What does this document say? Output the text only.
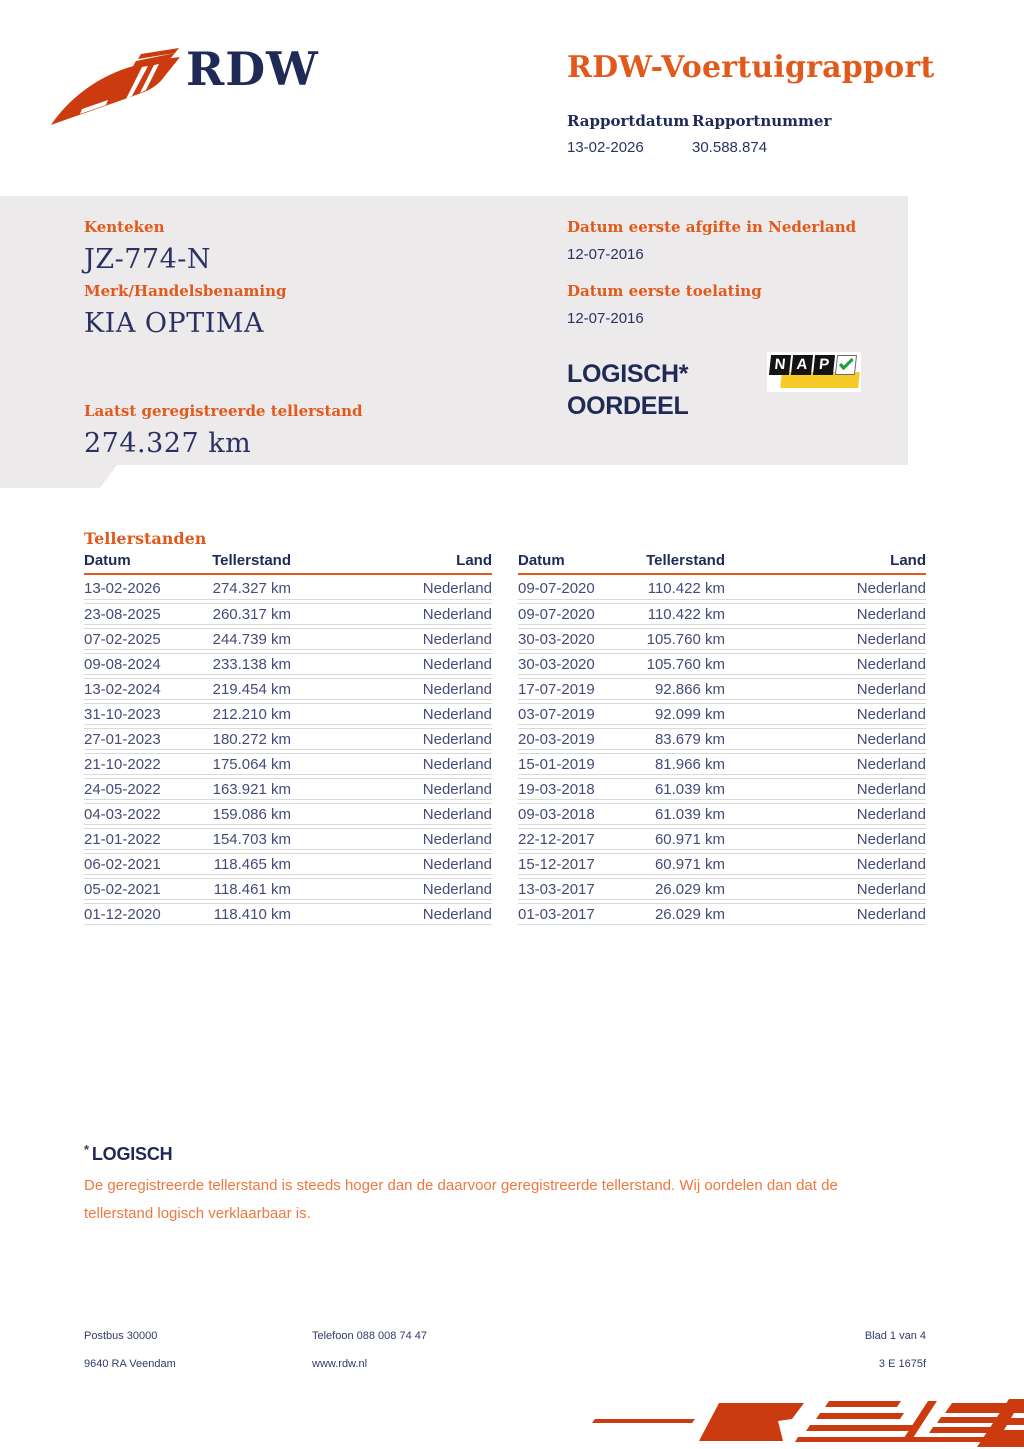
RDW	RDW-Voertuigrapport
Rapportdatum
13-02-2026
Rapportnummer
30.588.874
Kenteken
JZ-774-N
Merk/Handelsbenaming
KIA OPTIMA
Laatst geregistreerde tellerstand
274.327 km
Datum eerste afgifte in Nederland
12-07-2016
Datum eerste toelating
12-07-2016
LOGISCH*
OORDEEL
N A P
Tellerstanden
Datum	Tellerstand	Land
13-02-2026	274.327 km	Nederland
23-08-2025	260.317 km	Nederland
07-02-2025	244.739 km	Nederland
09-08-2024	233.138 km	Nederland
13-02-2024	219.454 km	Nederland
31-10-2023	212.210 km	Nederland
27-01-2023	180.272 km	Nederland
21-10-2022	175.064 km	Nederland
24-05-2022	163.921 km	Nederland
04-03-2022	159.086 km	Nederland
21-01-2022	154.703 km	Nederland
06-02-2021	118.465 km	Nederland
05-02-2021	118.461 km	Nederland
01-12-2020	118.410 km	Nederland
Datum	Tellerstand	Land
09-07-2020	110.422 km	Nederland
09-07-2020	110.422 km	Nederland
30-03-2020	105.760 km	Nederland
30-03-2020	105.760 km	Nederland
17-07-2019	92.866 km	Nederland
03-07-2019	92.099 km	Nederland
20-03-2019	83.679 km	Nederland
15-01-2019	81.966 km	Nederland
19-03-2018	61.039 km	Nederland
09-03-2018	61.039 km	Nederland
22-12-2017	60.971 km	Nederland
15-12-2017	60.971 km	Nederland
13-03-2017	26.029 km	Nederland
01-03-2017	26.029 km	Nederland
* LOGISCH
De geregistreerde tellerstand is steeds hoger dan de daarvoor geregistreerde tellerstand. Wij oordelen dan dat de tellerstand logisch verklaarbaar is.
Postbus 30000
9640 RA Veendam
Telefoon 088 008 74 47
www.rdw.nl
Blad 1 van 4
3 E 1675f
